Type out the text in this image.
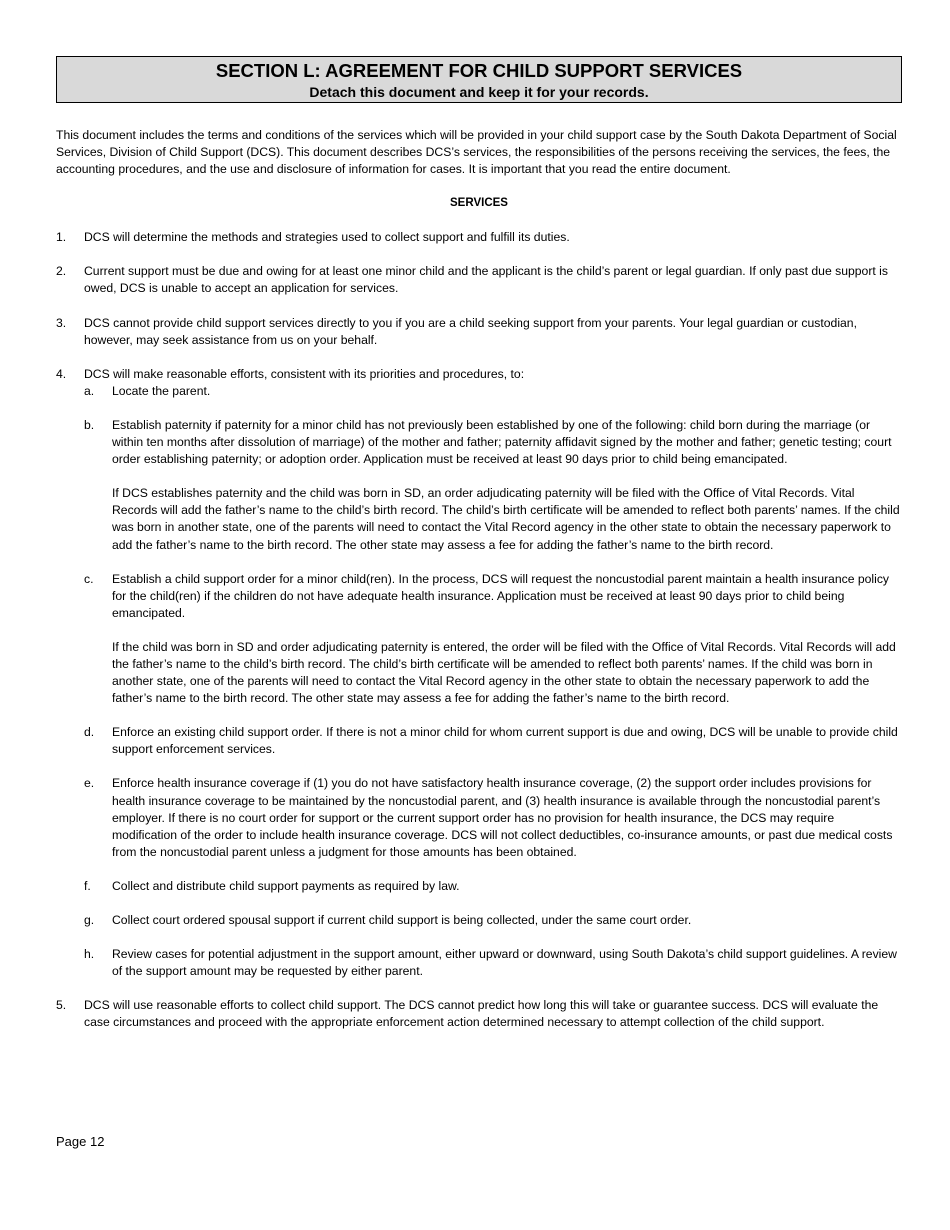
SECTION L: AGREEMENT FOR CHILD SUPPORT SERVICES
Detach this document and keep it for your records.
This document includes the terms and conditions of the services which will be provided in your child support case by the South Dakota Department of Social Services, Division of Child Support (DCS). This document describes DCS’s services, the responsibilities of the persons receiving the services, the fees, the accounting procedures, and the use and disclosure of information for cases. It is important that you read the entire document.
SERVICES
1. DCS will determine the methods and strategies used to collect support and fulfill its duties.
2. Current support must be due and owing for at least one minor child and the applicant is the child’s parent or legal guardian. If only past due support is owed, DCS is unable to accept an application for services.
3. DCS cannot provide child support services directly to you if you are a child seeking support from your parents. Your legal guardian or custodian, however, may seek assistance from us on your behalf.
4. DCS will make reasonable efforts, consistent with its priorities and procedures, to:
a. Locate the parent.
b. Establish paternity if paternity for a minor child has not previously been established by one of the following: child born during the marriage (or within ten months after dissolution of marriage) of the mother and father; paternity affidavit signed by the mother and father; genetic testing; court order establishing paternity; or adoption order. Application must be received at least 90 days prior to child being emancipated.
If DCS establishes paternity and the child was born in SD, an order adjudicating paternity will be filed with the Office of Vital Records. Vital Records will add the father’s name to the child’s birth record. The child’s birth certificate will be amended to reflect both parents’ names. If the child was born in another state, one of the parents will need to contact the Vital Record agency in the other state to obtain the necessary paperwork to add the father’s name to the birth record. The other state may assess a fee for adding the father’s name to the birth record.
c. Establish a child support order for a minor child(ren). In the process, DCS will request the noncustodial parent maintain a health insurance policy for the child(ren) if the children do not have adequate health insurance. Application must be received at least 90 days prior to child being emancipated.
If the child was born in SD and order adjudicating paternity is entered, the order will be filed with the Office of Vital Records. Vital Records will add the father’s name to the child’s birth record. The child’s birth certificate will be amended to reflect both parents’ names. If the child was born in another state, one of the parents will need to contact the Vital Record agency in the other state to obtain the necessary paperwork to add the father’s name to the birth record. The other state may assess a fee for adding the father’s name to the birth record.
d. Enforce an existing child support order. If there is not a minor child for whom current support is due and owing, DCS will be unable to provide child support enforcement services.
e. Enforce health insurance coverage if (1) you do not have satisfactory health insurance coverage, (2) the support order includes provisions for health insurance coverage to be maintained by the noncustodial parent, and (3) health insurance is available through the noncustodial parent’s employer. If there is no court order for support or the current support order has no provision for health insurance, the DCS may require modification of the order to include health insurance coverage. DCS will not collect deductibles, co-insurance amounts, or past due medical costs from the noncustodial parent unless a judgment for those amounts has been obtained.
f. Collect and distribute child support payments as required by law.
g. Collect court ordered spousal support if current child support is being collected, under the same court order.
h. Review cases for potential adjustment in the support amount, either upward or downward, using South Dakota’s child support guidelines. A review of the support amount may be requested by either parent.
5. DCS will use reasonable efforts to collect child support. The DCS cannot predict how long this will take or guarantee success. DCS will evaluate the case circumstances and proceed with the appropriate enforcement action determined necessary to attempt collection of the child support.
Page 12
